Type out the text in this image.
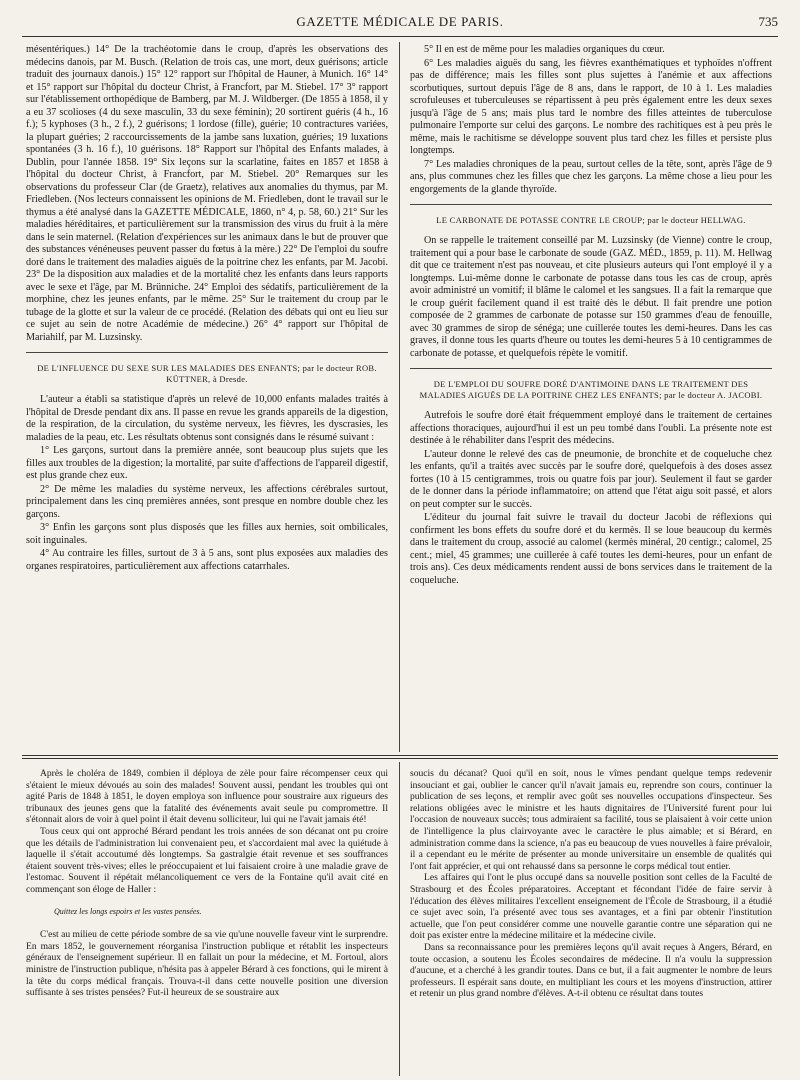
GAZETTE MÉDICALE DE PARIS.	735

mésentériques.) 14° De la trachéotomie dans le croup, d'après les observations des médecins danois, par M. Busch. (Relation de trois cas, une mort, deux guérisons; article traduit des journaux danois.) 15° 12° rapport sur l'hôpital de Hauner, à Munich. 16° 14° et 15° rapport sur l'hôpital du docteur Christ, à Francfort, par M. Stiebel. 17° 3° rapport sur l'établissement orthopédique de Bamberg, par M. J. Wildberger. (De 1855 à 1858, il y a eu 37 scolioses (4 du sexe masculin, 33 du sexe féminin); 20 sortirent guéris (4 h., 16 f.); 5 kyphoses (3 h., 2 f.), 2 guérisons; 1 lordose (fille), guérie; 10 contractures variées, la plupart guéries; 2 raccourcissements de la jambe sans luxation, guéries; 19 luxations spontanées (3 h. 16 f.), 10 guérisons. 18° Rapport sur l'hôpital des Enfants malades, à Dublin, pour l'année 1858. 19° Six leçons sur la scarlatine, faites en 1857 et 1858 à l'hôpital du docteur Christ, à Francfort, par M. Stiebel. 20° Remarques sur les observations du professeur Clar (de Graetz), relatives aux anomalies du thymus, par M. Friedleben. (Nos lecteurs connaissent les opinions de M. Friedleben, dont le travail sur le thymus a été analysé dans la GAZETTE MÉDICALE, 1860, n° 4, p. 58, 60.) 21° Sur les maladies héréditaires, et particulièrement sur la transmission des virus du fruit à la mère dans le sein maternel. (Relation d'expériences sur les animaux dans le but de prouver que des substances vénéneuses peuvent passer du fœtus à la mère.) 22° De l'emploi du soufre doré dans le traitement des maladies aiguës de la poitrine chez les enfants, par M. Jacobi. 23° De la disposition aux maladies et de la mortalité chez les enfants dans leurs rapports avec le sexe et l'âge, par M. Brünniche. 24° Emploi des sédatifs, particulièrement de la morphine, chez les jeunes enfants, par le même. 25° Sur le traitement du croup par le tubage de la glotte et sur la valeur de ce procédé. (Relation des débats qui ont eu lieu sur ce sujet au sein de notre Académie de médecine.) 26° 4° rapport sur l'hôpital de Mariahilf, par M. Luzsinsky.

DE L'INFLUENCE DU SEXE SUR LES MALADIES DES ENFANTS; par le docteur ROB. KÜTTNER, à Dresde.

L'auteur a établi sa statistique d'après un relevé de 10,000 enfants malades traités à l'hôpital de Dresde pendant dix ans. Il passe en revue les grands appareils de la digestion, de la respiration, de la circulation, du système nerveux, les fièvres, les dyscrasies, les maladies de la peau, etc. Les résultats obtenus sont consignés dans le résumé suivant :

1° Les garçons, surtout dans la première année, sont beaucoup plus sujets que les filles aux troubles de la digestion; la mortalité, par suite d'affections de l'appareil digestif, est plus grande chez eux.

2° De même les maladies du système nerveux, les affections cérébrales surtout, principalement dans les cinq premières années, sont presque en nombre double chez les garçons.

3° Enfin les garçons sont plus disposés que les filles aux hernies, soit ombilicales, soit inguinales.

4° Au contraire les filles, surtout de 3 à 5 ans, sont plus exposées aux maladies des organes respiratoires, particulièrement aux affections catarrhales.

5° Il en est de même pour les maladies organiques du cœur.

6° Les maladies aiguës du sang, les fièvres exanthématiques et typhoïdes n'offrent pas de différence; mais les filles sont plus sujettes à l'anémie et aux affections scorbutiques, surtout depuis l'âge de 8 ans, dans le rapport, de 10 à 1. Les maladies scrofuleuses et tuberculeuses se répartissent à peu près également entre les deux sexes jusqu'à l'âge de 5 ans; mais plus tard le nombre des filles atteintes de tuberculose pulmonaire l'emporte sur celui des garçons. Le nombre des rachitiques est à peu près le même, mais le rachitisme se développe souvent plus tard chez les filles et persiste plus longtemps.

7° Les maladies chroniques de la peau, surtout celles de la tête, sont, après l'âge de 9 ans, plus communes chez les filles que chez les garçons. La même chose a lieu pour les engorgements de la glande thyroïde.

LE CARBONATE DE POTASSE CONTRE LE CROUP; par le docteur HELLWAG.

On se rappelle le traitement conseillé par M. Luzsinsky (de Vienne) contre le croup, traitement qui a pour base le carbonate de soude (GAZ. MÉD., 1859, p. 11). M. Hellwag dit que ce traitement n'est pas nouveau, et cite plusieurs auteurs qui l'ont employé il y a longtemps. Lui-même donne le carbonate de potasse dans tous les cas de croup, après avoir administré un vomitif; il blâme le calomel et les sangsues. Il a fait la remarque que le croup guérit facilement quand il est traité dès le début. Il fait prendre une potion composée de 2 grammes de carbonate de potasse sur 150 grammes d'eau de fenouille, avec 30 grammes de sirop de sénéga; une cuillerée toutes les demi-heures. Dans les cas graves, il donne tous les quarts d'heure ou toutes les demi-heures 5 à 10 centigrammes de carbonate de potasse, et quelquefois répète le vomitif.

DE L'EMPLOI DU SOUFRE DORÉ D'ANTIMOINE DANS LE TRAITEMENT DES MALADIES AIGUËS DE LA POITRINE CHEZ LES ENFANTS; par le docteur A. JACOBI.

Autrefois le soufre doré était fréquemment employé dans le traitement de certaines affections thoraciques, aujourd'hui il est un peu tombé dans l'oubli. La présente note est destinée à le réhabiliter dans l'esprit des médecins.

L'auteur donne le relevé des cas de pneumonie, de bronchite et de coqueluche chez les enfants, qu'il a traités avec succès par le soufre doré, quelquefois à des doses assez fortes (10 à 15 centigrammes, trois ou quatre fois par jour). Seulement il faut se garder de le donner dans la période inflammatoire; on attend que l'état aigu soit passé, et alors on peut compter sur le succès.

L'éditeur du journal fait suivre le travail du docteur Jacobi de réflexions qui confirment les bons effets du soufre doré et du kermès. Il se loue beaucoup du kermès dans le traitement du croup, associé au calomel (kermès minéral, 20 centigr.; calomel, 25 cent.; miel, 45 grammes; une cuillerée à café toutes les demi-heures, pour un enfant de trois ans). Ces deux médicaments rendent aussi de bons services dans le traitement de la coqueluche.

Après le choléra de 1849, combien il déploya de zèle pour faire récompenser ceux qui s'étaient le mieux dévoués au soin des malades! Souvent aussi, pendant les troubles qui ont agité Paris de 1848 à 1851, le doyen employa son influence pour soustraire aux rigueurs des tribunaux des jeunes gens que la fatalité des événements avait seule pu compromettre. Il s'étonnait alors de voir à quel point il était devenu solliciteur, lui qui ne l'avait jamais été!

Tous ceux qui ont approché Bérard pendant les trois années de son décanat ont pu croire que les détails de l'administration lui convenaient peu, et s'accordaient mal avec la quiétude à laquelle il s'était accoutumé dès longtemps. Sa gastralgie était revenue et ses souffrances étaient souvent très-vives; elles le préoccupaient et lui faisaient croire à une maladie grave de l'estomac. Souvent il répétait mélancoliquement ce vers de la Fontaine qu'il avait cité en commençant son éloge de Haller :

Quittez les longs espoirs et les vastes pensées.

C'est au milieu de cette période sombre de sa vie qu'une nouvelle faveur vint le surprendre. En mars 1852, le gouvernement réorganisa l'instruction publique et rétablit les inspecteurs généraux de l'enseignement supérieur. Il en fallait un pour la médecine, et M. Fortoul, alors ministre de l'instruction publique, n'hésita pas à appeler Bérard à ces fonctions, qui le mirent à la tête du corps médical français. Trouva-t-il dans cette nouvelle position une diversion suffisante à ses tristes pensées? Fut-il heureux de se soustraire aux

soucis du décanat? Quoi qu'il en soit, nous le vîmes pendant quelque temps redevenir insouciant et gai, oublier le cancer qu'il n'avait jamais eu, reprendre son cours, continuer la publication de ses leçons, et remplir avec goût ses nouvelles occupations d'inspecteur. Ses relations obligées avec le ministre et les hauts dignitaires de l'Université furent pour lui l'occasion de nouveaux succès; tous admiraient sa facilité, tous se plaisaient à voir cette union de l'intelligence la plus clairvoyante avec le caractère le plus aimable; et si Bérard, en administration comme dans la science, n'a pas eu beaucoup de vues nouvelles à faire prévaloir, il a cependant eu le mérite de présenter au monde universitaire un ensemble de qualités qui l'ont fait apprécier, et qui ont rehaussé dans sa personne le corps médical tout entier.

Les affaires qui l'ont le plus occupé dans sa nouvelle position sont celles de la Faculté de Strasbourg et des Écoles préparatoires. Acceptant et fécondant l'idée de faire servir à l'éducation des élèves militaires l'excellent enseignement de l'École de Strasbourg, il a étudié ce sujet avec soin, l'a présenté avec tous ses avantages, et a fini par obtenir l'institution actuelle, que l'on peut considérer comme une nouvelle garantie contre une séparation qui ne doit pas exister entre la médecine militaire et la médecine civile.

Dans sa reconnaissance pour les premières leçons qu'il avait reçues à Angers, Bérard, en toute occasion, a soutenu les Écoles secondaires de médecine. Il n'a voulu la suppression d'aucune, et a cherché à les grandir toutes. Dans ce but, il a fait augmenter le nombre de leurs professeurs. Il espérait sans doute, en multipliant les cours et les moyens d'instruction, attirer et retenir un plus grand nombre d'élèves. A-t-il obtenu ce résultat dans toutes
